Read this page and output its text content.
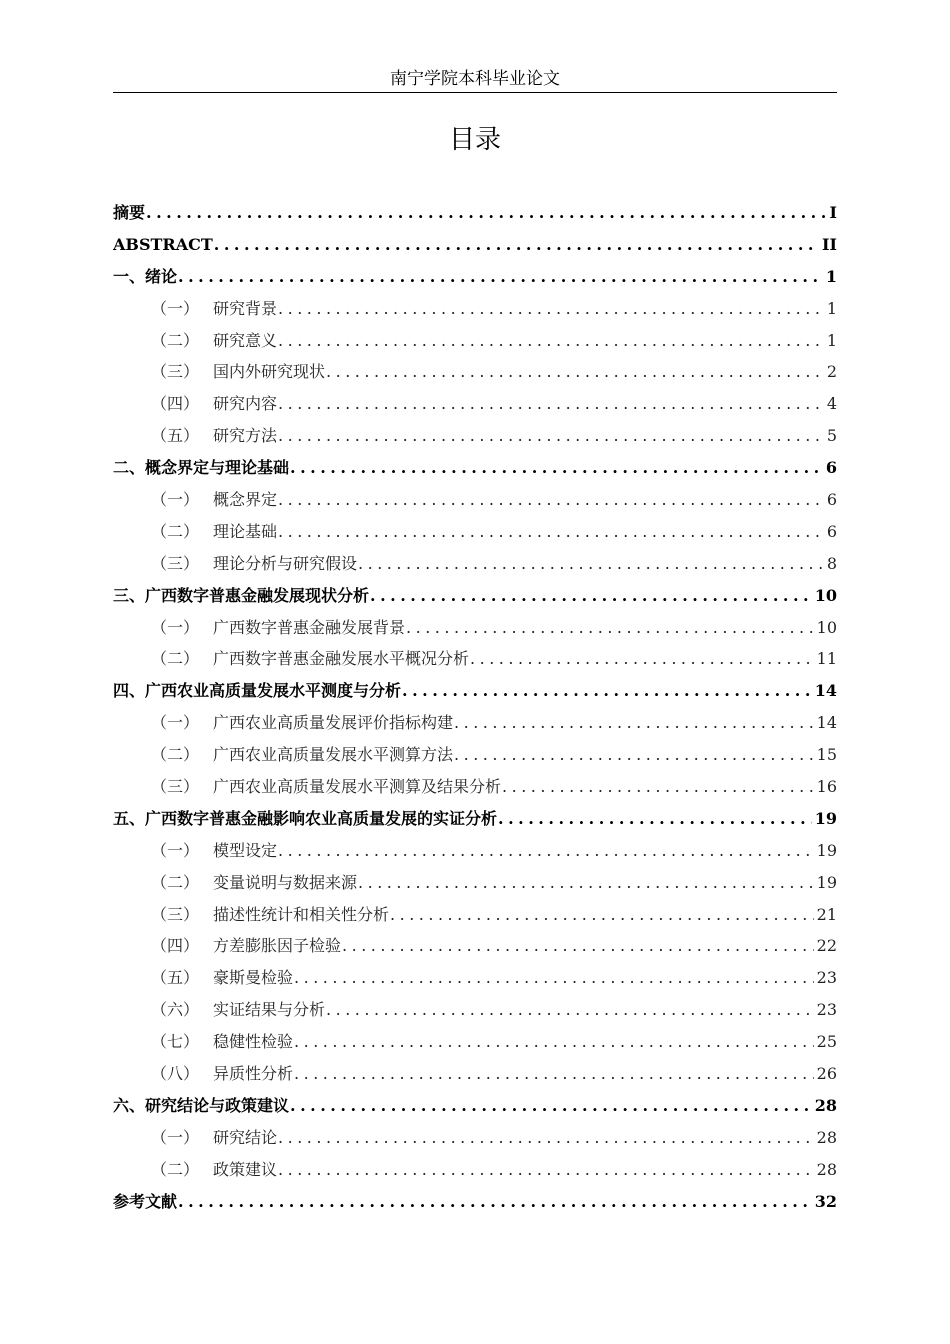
南宁学院本科毕业论文
目录
摘要 .....	I
ABSTRACT .....	II
一、绪论 .....	1
（一） 研究背景 .....	1
（二） 研究意义 .....	1
（三） 国内外研究现状 .....	2
（四） 研究内容 .....	4
（五） 研究方法 .....	5
二、概念界定与理论基础 .....	6
（一） 概念界定 .....	6
（二） 理论基础 .....	6
（三） 理论分析与研究假设 .....	8
三、广西数字普惠金融发展现状分析 .....	10
（一） 广西数字普惠金融发展背景 .....	10
（二） 广西数字普惠金融发展水平概况分析 .....	11
四、广西农业高质量发展水平测度与分析 .....	14
（一） 广西农业高质量发展评价指标构建 .....	14
（二） 广西农业高质量发展水平测算方法 .....	15
（三） 广西农业高质量发展水平测算及结果分析 .....	16
五、广西数字普惠金融影响农业高质量发展的实证分析 .....	19
（一） 模型设定 .....	19
（二） 变量说明与数据来源 .....	19
（三） 描述性统计和相关性分析 .....	21
（四） 方差膨胀因子检验 .....	22
（五） 豪斯曼检验 .....	23
（六） 实证结果与分析 .....	23
（七） 稳健性检验 .....	25
（八） 异质性分析 .....	26
六、研究结论与政策建议 .....	28
（一） 研究结论 .....	28
（二） 政策建议 .....	28
参考文献 .....	32
